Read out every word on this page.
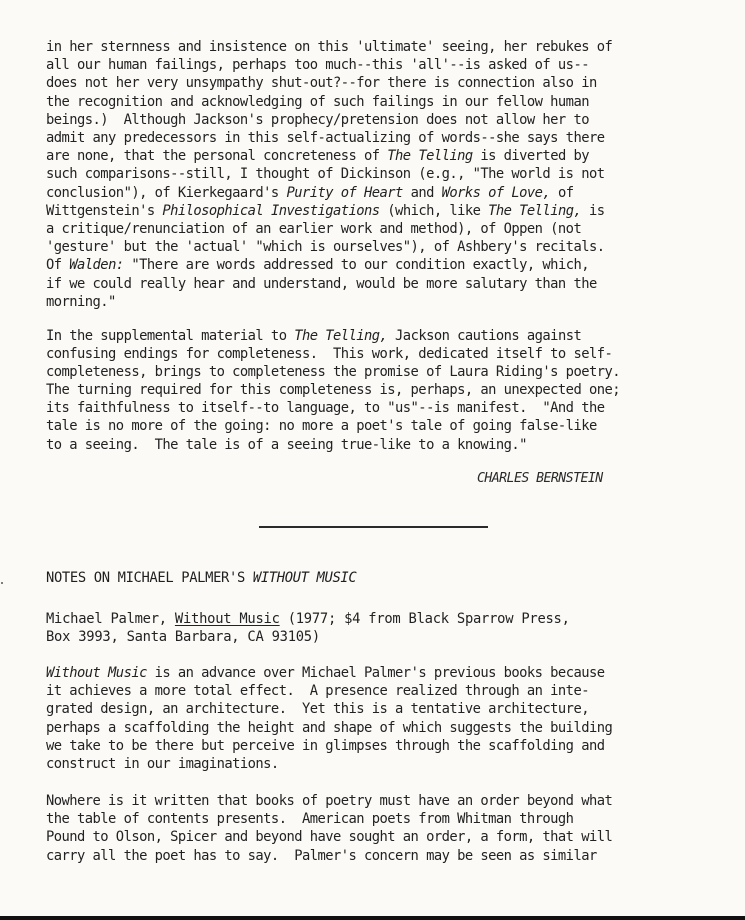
in her sternness and insistence on this 'ultimate' seeing, her rebukes of
all our human failings, perhaps too much--this 'all'--is asked of us--
does not her very unsympathy shut-out?--for there is connection also in
the recognition and acknowledging of such failings in our fellow human
beings.)  Although Jackson's prophecy/pretension does not allow her to
admit any predecessors in this self-actualizing of words--she says there
are none, that the personal concreteness of The Telling is diverted by
such comparisons--still, I thought of Dickinson (e.g., "The world is not
conclusion"), of Kierkegaard's Purity of Heart and Works of Love, of
Wittgenstein's Philosophical Investigations (which, like The Telling, is
a critique/renunciation of an earlier work and method), of Oppen (not
'gesture' but the 'actual' "which is ourselves"), of Ashbery's recitals.
Of Walden: "There are words addressed to our condition exactly, which,
if we could really hear and understand, would be more salutary than the
morning."

In the supplemental material to The Telling, Jackson cautions against
confusing endings for completeness.  This work, dedicated itself to self-
completeness, brings to completeness the promise of Laura Riding's poetry.
The turning required for this completeness is, perhaps, an unexpected one;
its faithfulness to itself--to language, to "us"--is manifest.  "And the
tale is no more of the going: no more a poet's tale of going false-like
to a seeing.  The tale is of a seeing true-like to a knowing."

CHARLES BERNSTEIN

NOTES ON MICHAEL PALMER'S WITHOUT MUSIC

Michael Palmer, Without Music (1977; $4 from Black Sparrow Press,
Box 3993, Santa Barbara, CA 93105)

Without Music is an advance over Michael Palmer's previous books because
it achieves a more total effect.  A presence realized through an inte-
grated design, an architecture.  Yet this is a tentative architecture,
perhaps a scaffolding the height and shape of which suggests the building
we take to be there but perceive in glimpses through the scaffolding and
construct in our imaginations.

Nowhere is it written that books of poetry must have an order beyond what
the table of contents presents.  American poets from Whitman through
Pound to Olson, Spicer and beyond have sought an order, a form, that will
carry all the poet has to say.  Palmer's concern may be seen as similar
